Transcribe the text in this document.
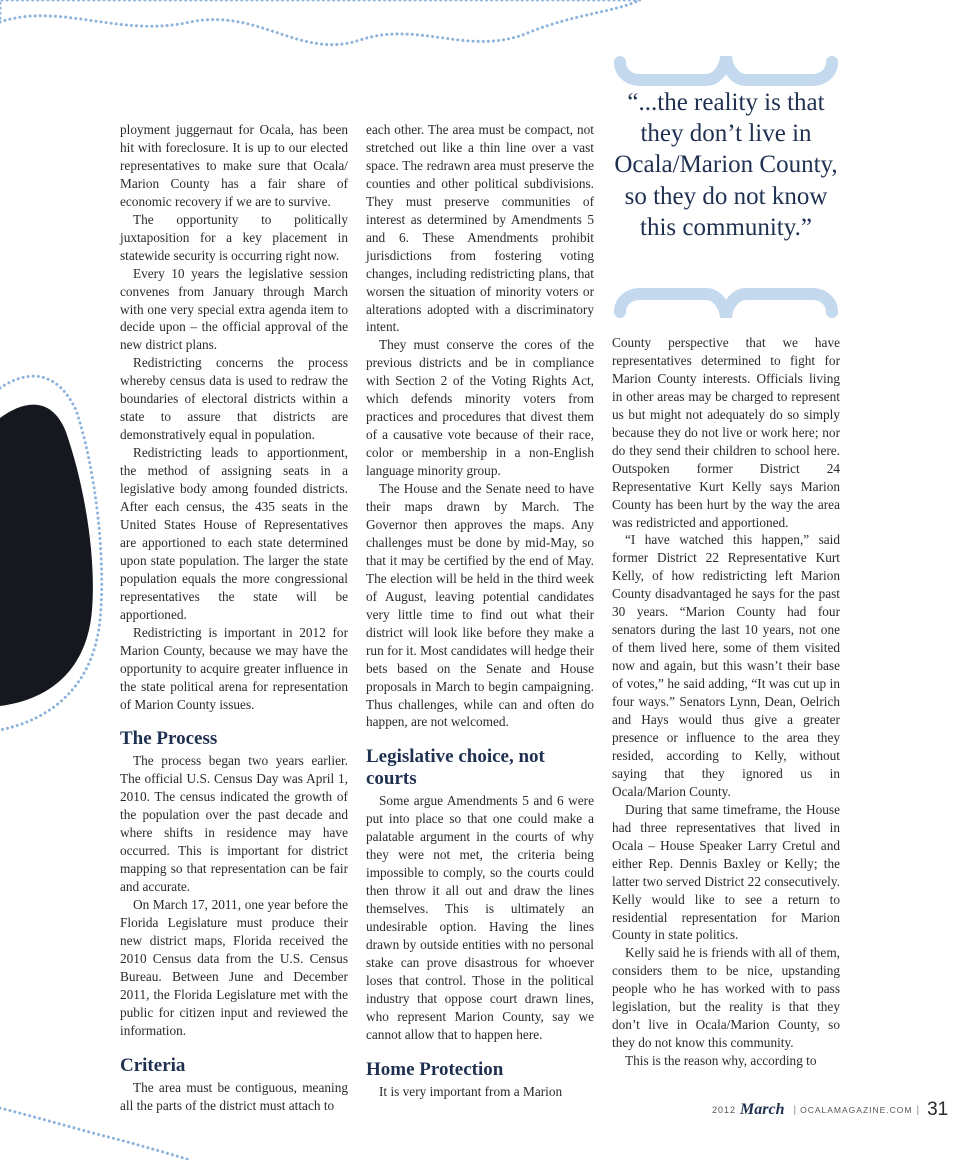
“...the reality is that they don’t live in Ocala/Marion County, so they do not know this community.”

ployment juggernaut for Ocala, has been hit with foreclosure. It is up to our elected representatives to make sure that Ocala/ Marion County has a fair share of economic recovery if we are to survive.

The opportunity to politically juxtaposition for a key placement in statewide security is occurring right now.

Every 10 years the legislative session convenes from January through March with one very special extra agenda item to decide upon – the official approval of the new district plans.

Redistricting concerns the process whereby census data is used to redraw the boundaries of electoral districts within a state to assure that districts are demonstratively equal in population.

Redistricting leads to apportionment, the method of assigning seats in a legislative body among founded districts. After each census, the 435 seats in the United States House of Representatives are apportioned to each state determined upon state population. The larger the state population equals the more congressional representatives the state will be apportioned.

Redistricting is important in 2012 for Marion County, because we may have the opportunity to acquire greater influence in the state political arena for representation of Marion County issues.

The Process

The process began two years earlier. The official U.S. Census Day was April 1, 2010. The census indicated the growth of the population over the past decade and where shifts in residence may have occurred. This is important for district mapping so that representation can be fair and accurate.

On March 17, 2011, one year before the Florida Legislature must produce their new district maps, Florida received the 2010 Census data from the U.S. Census Bureau. Between June and December 2011, the Florida Legislature met with the public for citizen input and reviewed the information.

Criteria

The area must be contiguous, meaning all the parts of the district must attach to

each other. The area must be compact, not stretched out like a thin line over a vast space. The redrawn area must preserve the counties and other political subdivisions. They must preserve communities of interest as determined by Amendments 5 and 6. These Amendments prohibit jurisdictions from fostering voting changes, including redistricting plans, that worsen the situation of minority voters or alterations adopted with a discriminatory intent.

They must conserve the cores of the previous districts and be in compliance with Section 2 of the Voting Rights Act, which defends minority voters from practices and procedures that divest them of a causative vote because of their race, color or membership in a non-English language minority group.

The House and the Senate need to have their maps drawn by March. The Governor then approves the maps. Any challenges must be done by mid-May, so that it may be certified by the end of May. The election will be held in the third week of August, leaving potential candidates very little time to find out what their district will look like before they make a run for it. Most candidates will hedge their bets based on the Senate and House proposals in March to begin campaigning. Thus challenges, while can and often do happen, are not welcomed.

Legislative choice, not courts

Some argue Amendments 5 and 6 were put into place so that one could make a palatable argument in the courts of why they were not met, the criteria being impossible to comply, so the courts could then throw it all out and draw the lines themselves. This is ultimately an undesirable option. Having the lines drawn by outside entities with no personal stake can prove disastrous for whoever loses that control. Those in the political industry that oppose court drawn lines, who represent Marion County, say we cannot allow that to happen here.

Home Protection

It is very important from a Marion

County perspective that we have representatives determined to fight for Marion County interests. Officials living in other areas may be charged to represent us but might not adequately do so simply because they do not live or work here; nor do they send their children to school here. Outspoken former District 24 Representative Kurt Kelly says Marion County has been hurt by the way the area was redistricted and apportioned.

“I have watched this happen,” said former District 22 Representative Kurt Kelly, of how redistricting left Marion County disadvantaged he says for the past 30 years. “Marion County had four senators during the last 10 years, not one of them lived here, some of them visited now and again, but this wasn’t their base of votes,” he said adding, “It was cut up in four ways.” Senators Lynn, Dean, Oelrich and Hays would thus give a greater presence or influence to the area they resided, according to Kelly, without saying that they ignored us in Ocala/Marion County.

During that same timeframe, the House had three representatives that lived in Ocala – House Speaker Larry Cretul and either Rep. Dennis Baxley or Kelly; the latter two served District 22 consecutively. Kelly would like to see a return to residential representation for Marion County in state politics.

Kelly said he is friends with all of them, considers them to be nice, upstanding people who he has worked with to pass legislation, but the reality is that they don’t live in Ocala/Marion County, so they do not know this community.

This is the reason why, according to

2012 March | OCALAMAGAZINE.COM | 31
